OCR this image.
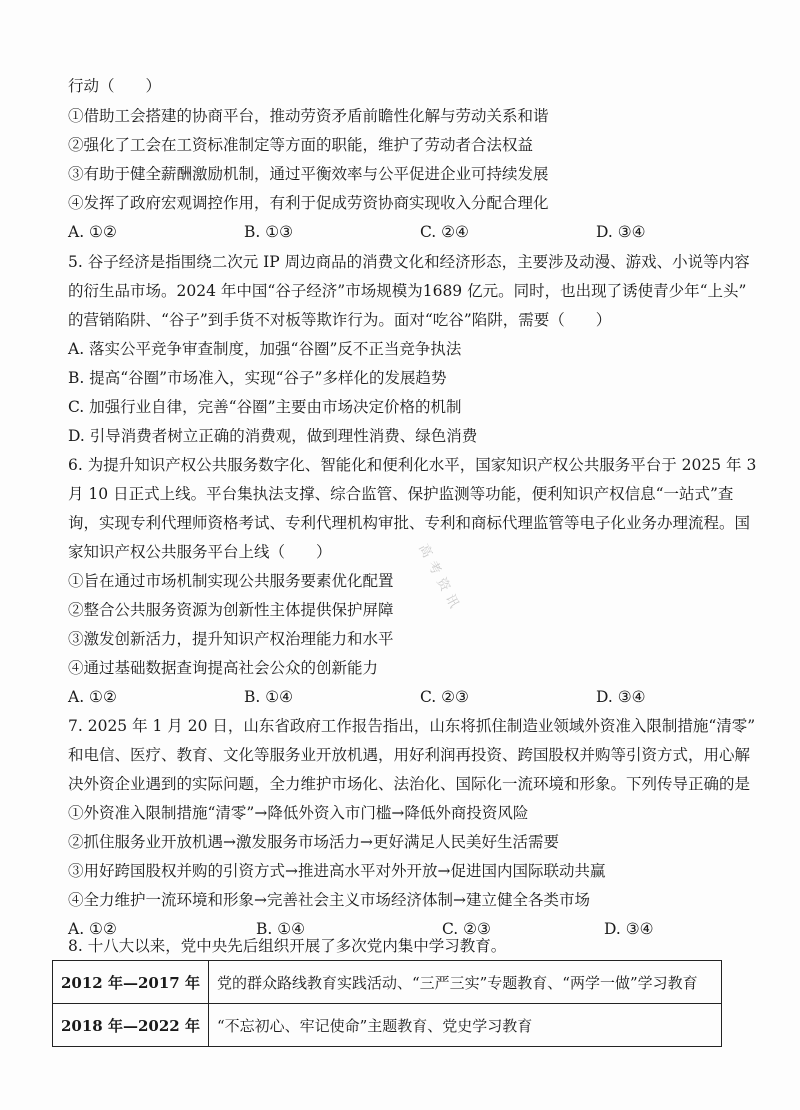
高考资讯
行动（　　）
①借助工会搭建的协商平台，推动劳资矛盾前瞻性化解与劳动关系和谐
②强化了工会在工资标准制定等方面的职能，维护了劳动者合法权益
③有助于健全薪酬激励机制，通过平衡效率与公平促进企业可持续发展
④发挥了政府宏观调控作用，有利于促成劳资协商实现收入分配合理化
A. ①②	B. ①③	C. ②④	D. ③④
5. 谷子经济是指围绕二次元 IP 周边商品的消费文化和经济形态，主要涉及动漫、游戏、小说等内容
的衍生品市场。2024 年中国“谷子经济”市场规模为1689 亿元。同时，也出现了诱使青少年“上头”
的营销陷阱、“谷子”到手货不对板等欺诈行为。面对“吃谷”陷阱，需要（　　）
A. 落实公平竞争审查制度，加强“谷圈”反不正当竞争执法
B. 提高“谷圈”市场准入，实现“谷子”多样化的发展趋势
C. 加强行业自律，完善“谷圈”主要由市场决定价格的机制
D. 引导消费者树立正确的消费观，做到理性消费、绿色消费
6. 为提升知识产权公共服务数字化、智能化和便利化水平，国家知识产权公共服务平台于 2025 年 3
月 10 日正式上线。平台集执法支撑、综合监管、保护监测等功能，便利知识产权信息“一站式”查
询，实现专利代理师资格考试、专利代理机构审批、专利和商标代理监管等电子化业务办理流程。国
家知识产权公共服务平台上线（　　）
①旨在通过市场机制实现公共服务要素优化配置
②整合公共服务资源为创新性主体提供保护屏障
③激发创新活力，提升知识产权治理能力和水平
④通过基础数据查询提高社会公众的创新能力
A. ①②	B. ①④	C. ②③	D. ③④
7. 2025 年 1 月 20 日，山东省政府工作报告指出，山东将抓住制造业领域外资准入限制措施“清零”
和电信、医疗、教育、文化等服务业开放机遇，用好利润再投资、跨国股权并购等引资方式，用心解
决外资企业遇到的实际问题，全力维护市场化、法治化、国际化一流环境和形象。下列传导正确的是
①外资准入限制措施“清零”→降低外资入市门槛→降低外商投资风险
②抓住服务业开放机遇→激发服务市场活力→更好满足人民美好生活需要
③用好跨国股权并购的引资方式→推进高水平对外开放→促进国内国际联动共赢
④全力维护一流环境和形象→完善社会主义市场经济体制→建立健全各类市场
A. ①②	B. ①④	C. ②③	D. ③④
8. 十八大以来，党中央先后组织开展了多次党内集中学习教育。
2012 年—2017 年	党的群众路线教育实践活动、“三严三实”专题教育、“两学一做”学习教育
2018 年—2022 年	“不忘初心、牢记使命”主题教育、党史学习教育
